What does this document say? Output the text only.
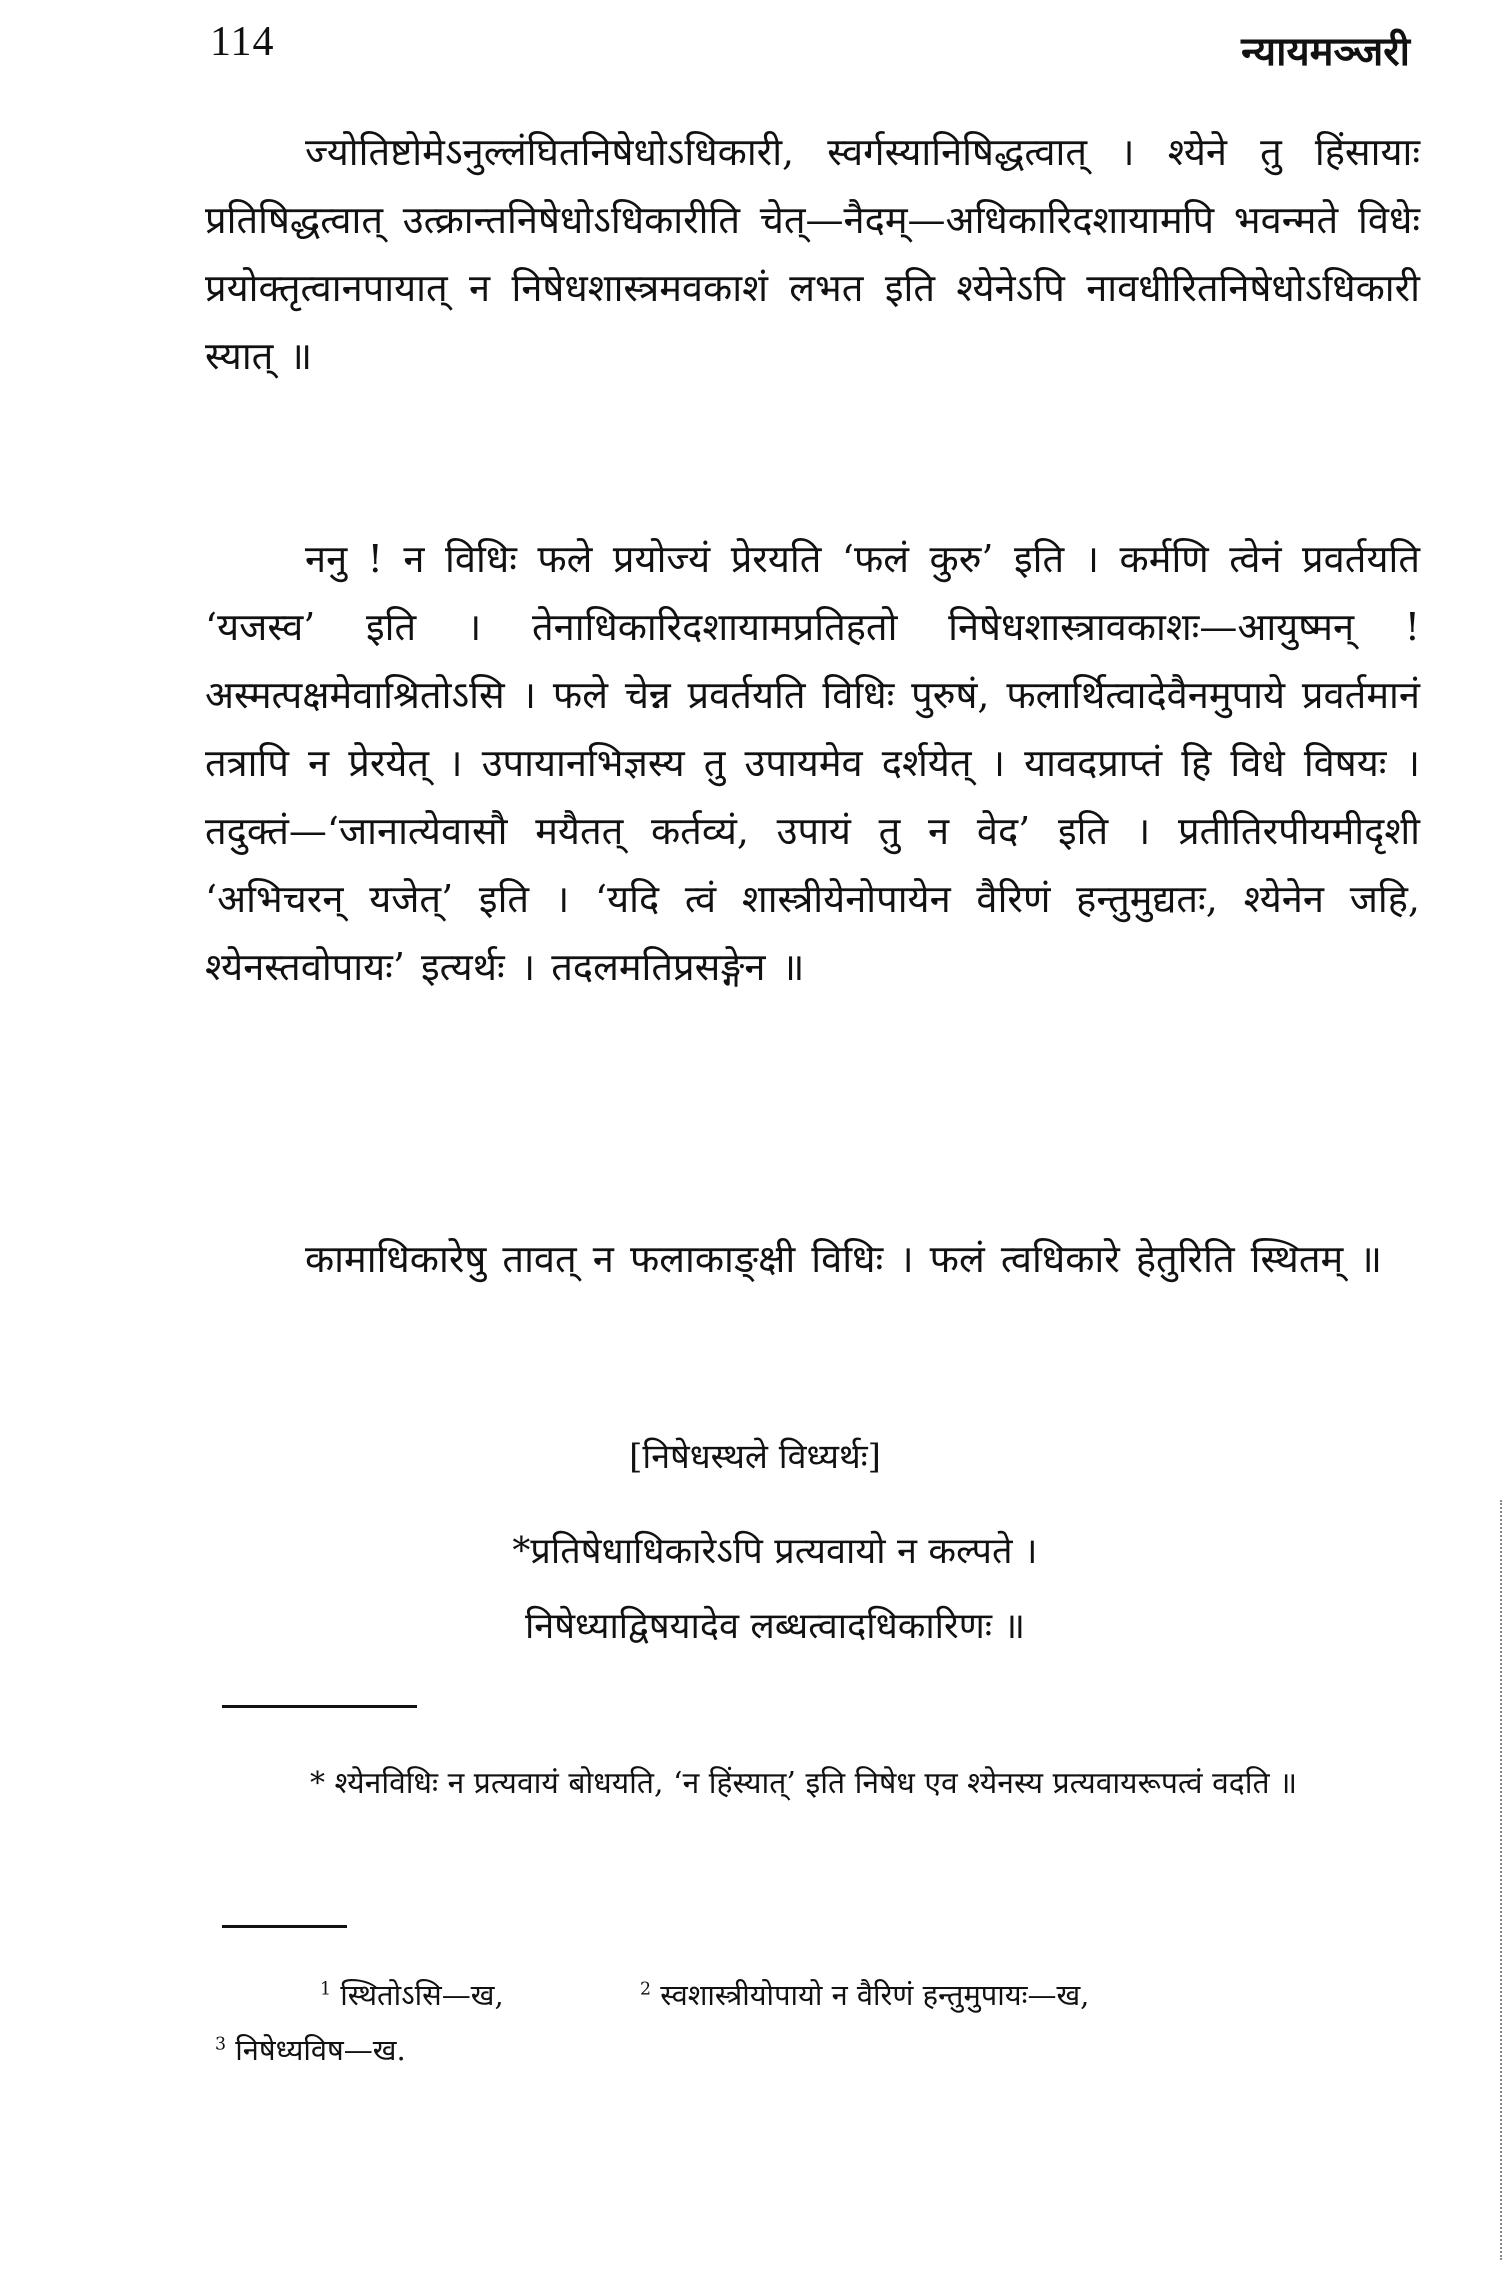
114	न्यायमञ्जरी

ज्योतिष्टोमेऽनुल्लंघितनिषेधोऽधिकारी, स्वर्गस्यानिषिद्धत्वात् । श्येने तु हिंसायाः प्रतिषिद्धत्वात् उत्क्रान्तनिषेधोऽधिकारीति चेत्—नैदम्—अधिकारिदशायामपि भवन्मते विधेः प्रयोक्तृत्वानपायात् न निषेधशास्त्रमवकाशं लभत इति श्येनेऽपि नावधीरितनिषेधोऽधिकारी स्यात् ॥

ननु ! न विधिः फले प्रयोज्यं प्रेरयति ‘फलं कुरु’ इति । कर्मणि त्वेनं प्रवर्तयति ‘यजस्व’ इति । तेनाधिकारिदशायामप्रतिहतो निषेधशास्त्रावकाशः—आयुष्मन् ! अस्मत्पक्षमेवाश्रितोऽसि । फले चेन्न प्रवर्तयति विधिः पुरुषं, फलार्थित्वादेवैनमुपाये प्रवर्तमानं तत्रापि न प्रेरयेत् । उपायानभिज्ञस्य तु उपायमेव दर्शयेत् । यावदप्राप्तं हि विधे विषयः । तदुक्तं—‘जानात्येवासौ मयैतत् कर्तव्यं, उपायं तु न वेद’ इति । प्रतीतिरपीयमीदृशी ‘अभिचरन् यजेत्’ इति । ‘यदि त्वं शास्त्रीयेनोपायेन वैरिणं हन्तुमुद्यतः, श्येनेन जहि, श्येनस्तवोपायः’ इत्यर्थः । तदलमतिप्रसङ्गेन ॥

कामाधिकारेषु तावत् न फलाकाङ्क्षी विधिः । फलं त्वधिकारे हेतुरिति स्थितम् ॥

[निषेधस्थले विध्यर्थः]
*प्रतिषेधाधिकारेऽपि प्रत्यवायो न कल्पते ।
निषेध्याद्विषयादेव लब्धत्वादधिकारिणः ॥

* श्येनविधिः न प्रत्यवायं बोधयति, ‘न हिंस्यात्’ इति निषेध एव श्येनस्य प्रत्यवायरूपत्वं वदति ॥

$^1$ स्थितोऽसि—ख,	$^2$ स्वशास्त्रीयोपायो न वैरिणं हन्तुमुपायः—ख,
$^3$ निषेध्यविष—ख.
